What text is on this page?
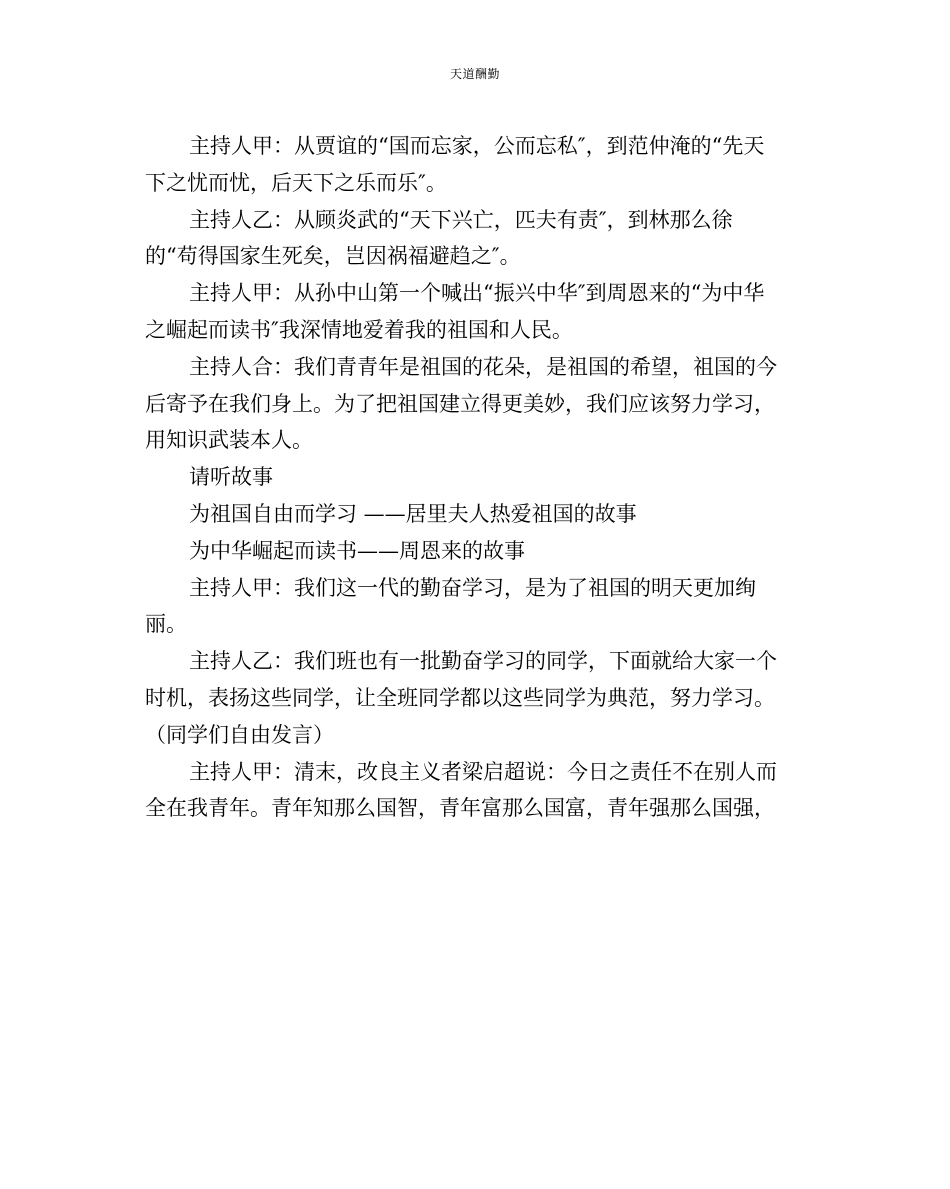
天道酬勤

主持人甲：从贾谊的“国而忘家，公而忘私″，到范仲淹的“先天
下之忧而忧，后天下之乐而乐″。

主持人乙：从顾炎武的“天下兴亡，匹夫有责″，到林那么徐
的“苟得国家生死矣，岂因祸福避趋之″。

主持人甲：从孙中山第一个喊出“振兴中华″到周恩来的“为中华
之崛起而读书″我深情地爱着我的祖国和人民。

主持人合：我们青青年是祖国的花朵，是祖国的希望，祖国的今
后寄予在我们身上。为了把祖国建立得更美妙，我们应该努力学习，
用知识武装本人。

请听故事

为祖国自由而学习 ——居里夫人热爱祖国的故事

为中华崛起而读书——周恩来的故事

主持人甲：我们这一代的勤奋学习，是为了祖国的明天更加绚
丽。

主持人乙：我们班也有一批勤奋学习的同学，下面就给大家一个
时机，表扬这些同学，让全班同学都以这些同学为典范，努力学习。
（同学们自由发言）

主持人甲：清末，改良主义者梁启超说：今日之责任不在别人而
全在我青年。青年知那么国智，青年富那么国富，青年强那么国强，
